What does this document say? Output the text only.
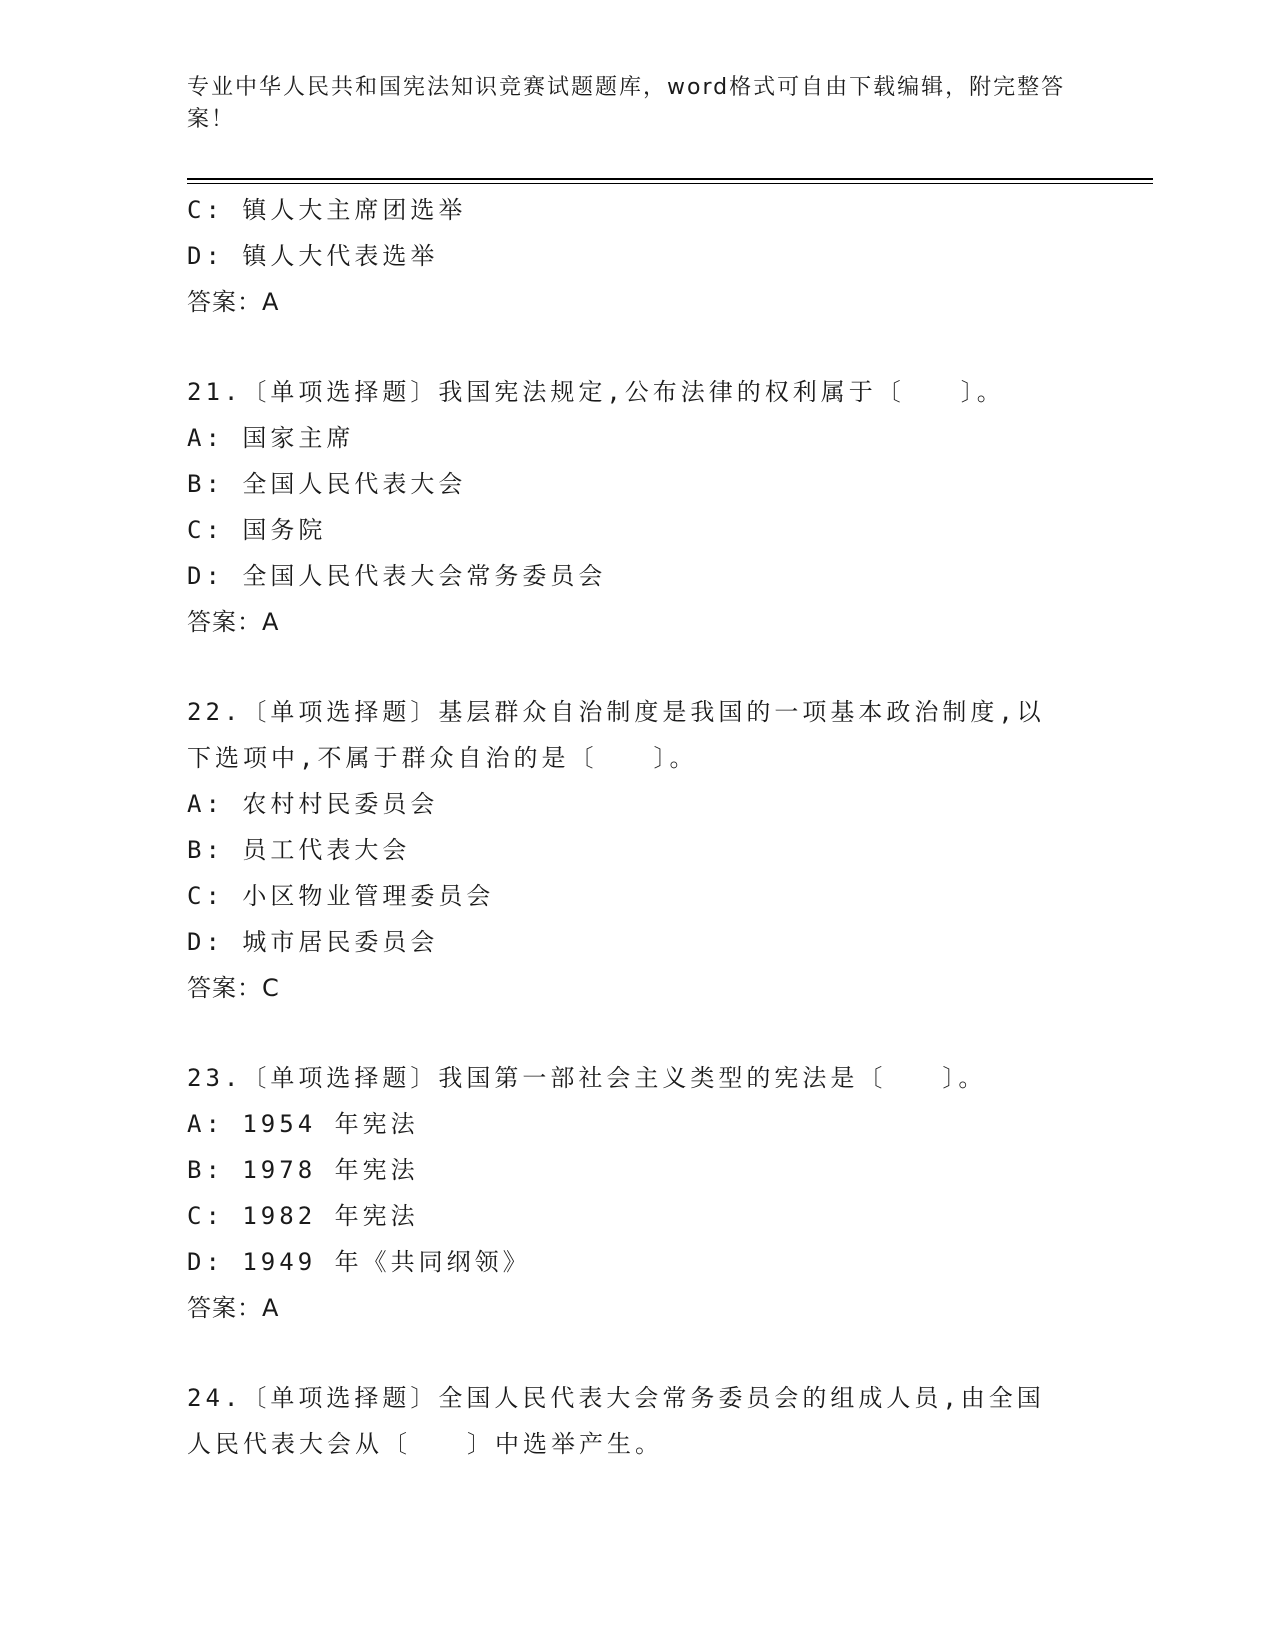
专业中华人民共和国宪法知识竞赛试题题库，word格式可自由下载编辑，附完整答案！
C: 镇人大主席团选举
D: 镇人大代表选举
答案：A
21.〔单项选择题〕我国宪法规定,公布法律的权利属于〔　　〕。
A: 国家主席
B: 全国人民代表大会
C: 国务院
D: 全国人民代表大会常务委员会
答案：A
22.〔单项选择题〕基层群众自治制度是我国的一项基本政治制度,以下选项中,不属于群众自治的是〔　　〕。
A: 农村村民委员会
B: 员工代表大会
C: 小区物业管理委员会
D: 城市居民委员会
答案：C
23.〔单项选择题〕我国第一部社会主义类型的宪法是〔　　〕。
A: 1954 年宪法
B: 1978 年宪法
C: 1982 年宪法
D: 1949 年《共同纲领》
答案：A
24.〔单项选择题〕全国人民代表大会常务委员会的组成人员,由全国人民代表大会从〔　　〕中选举产生。
